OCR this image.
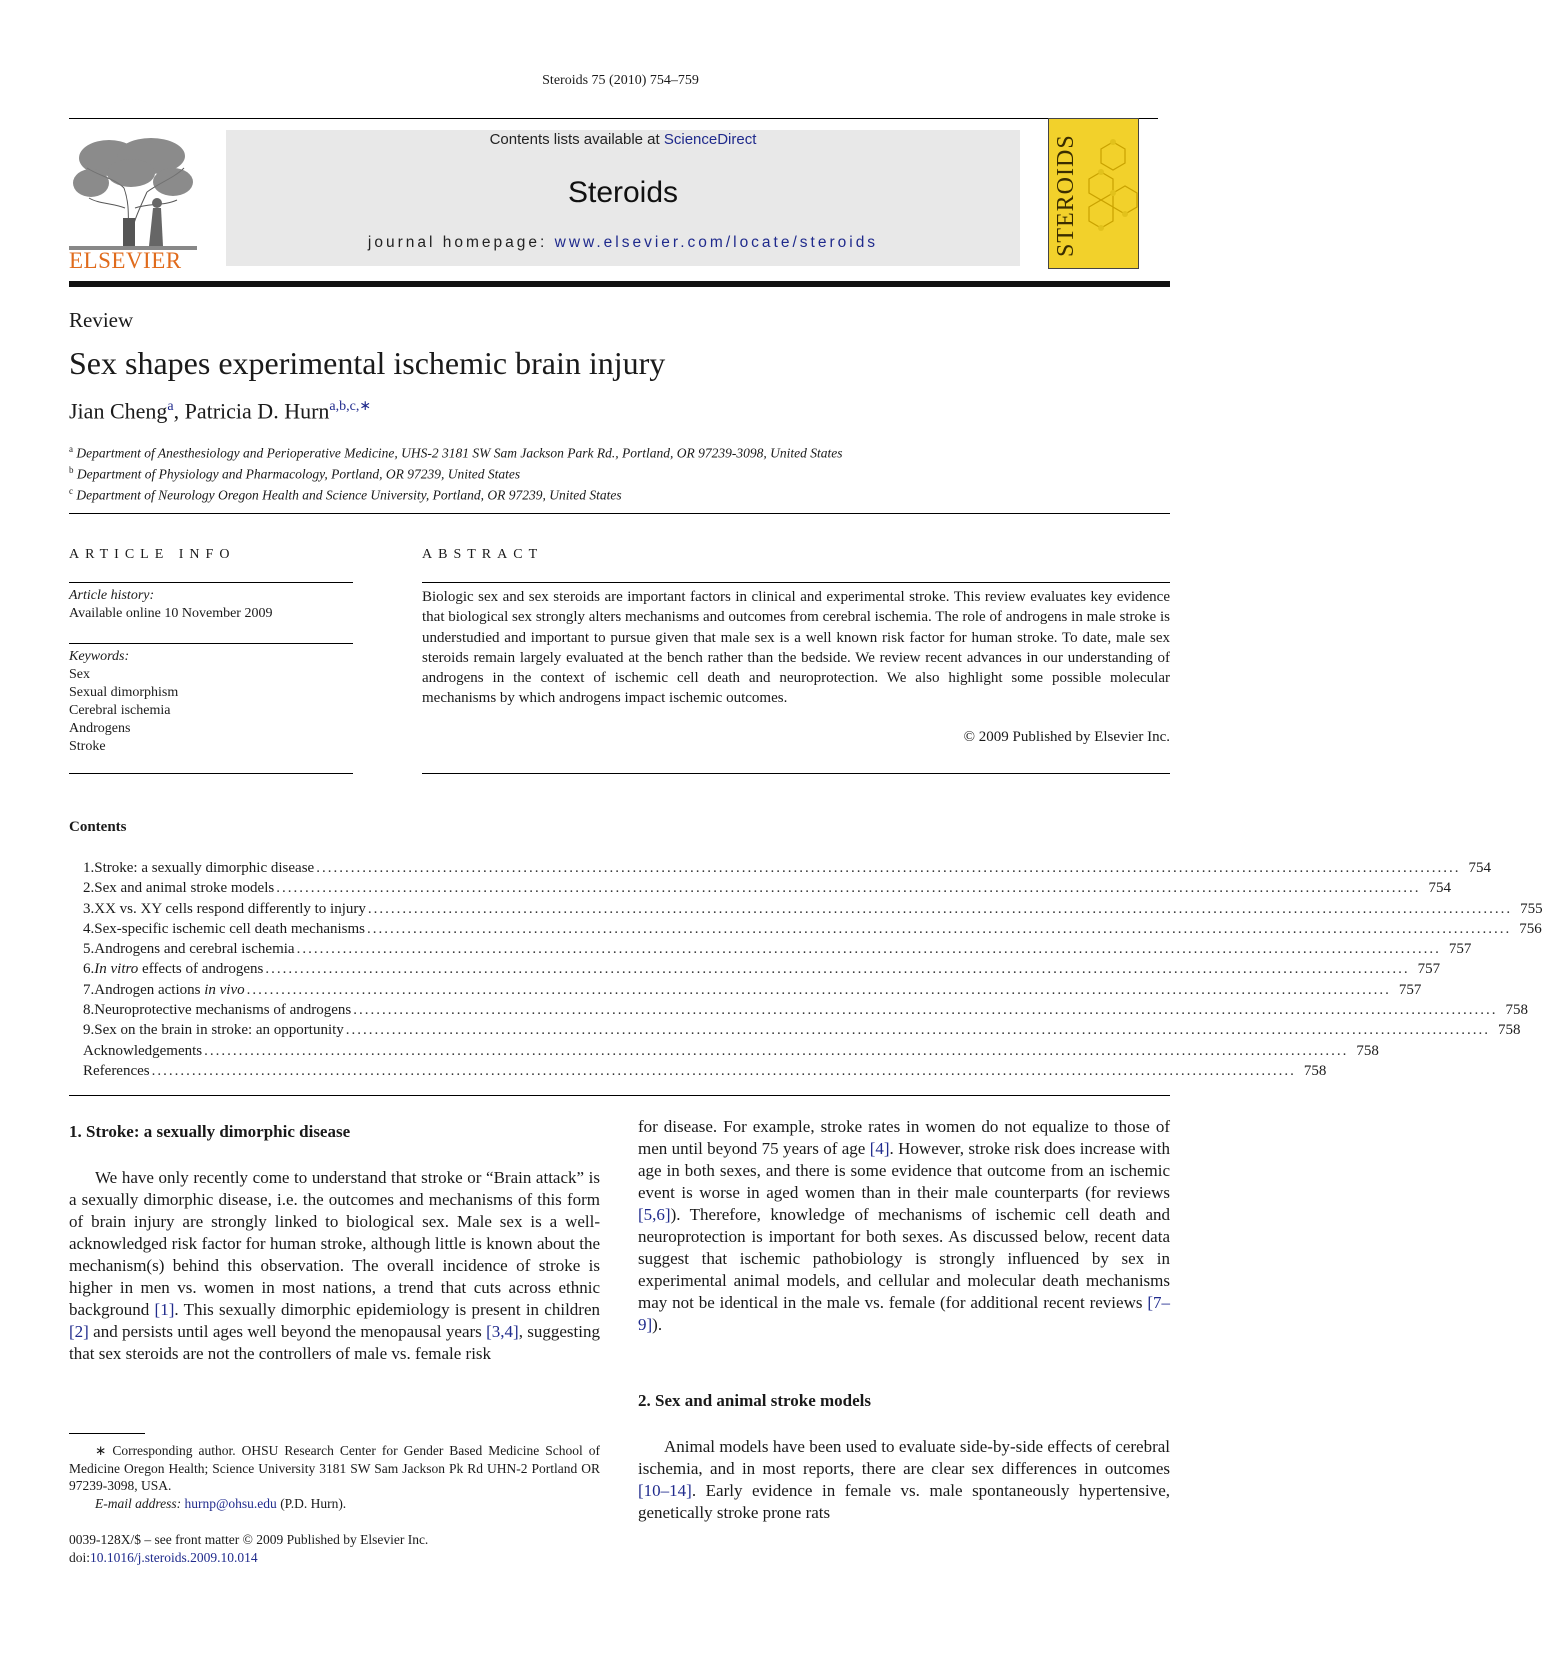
Steroids 75 (2010) 754–759
ELSEVIER
Contents lists available at ScienceDirect
Steroids
journal homepage: www.elsevier.com/locate/steroids	STEROIDS
Review
Sex shapes experimental ischemic brain injury
Jian Cheng$^a$, Patricia D. Hurn$^{a,b,c,∗}$
$^a$ Department of Anesthesiology and Perioperative Medicine, UHS-2 3181 SW Sam Jackson Park Rd., Portland, OR 97239-3098, United States
$^b$ Department of Physiology and Pharmacology, Portland, OR 97239, United States
$^c$ Department of Neurology Oregon Health and Science University, Portland, OR 97239, United States
ARTICLE INFO
Article history:
Available online 10 November 2009
Keywords:
Sex
Sexual dimorphism
Cerebral ischemia
Androgens
Stroke
ABSTRACT
Biologic sex and sex steroids are important factors in clinical and experimental stroke. This review evaluates key evidence that biological sex strongly alters mechanisms and outcomes from cerebral ischemia. The role of androgens in male stroke is understudied and important to pursue given that male sex is a well known risk factor for human stroke. To date, male sex steroids remain largely evaluated at the bench rather than the bedside. We review recent advances in our understanding of androgens in the context of ischemic cell death and neuroprotection. We also highlight some possible molecular mechanisms by which androgens impact ischemic outcomes.
© 2009 Published by Elsevier Inc.
Contents
1. Stroke: a sexually dimorphic disease ....................................................................................................................................................................................................... 754
2. Sex and animal stroke models ....................................................................................................................................................................................................... 754
3. XX vs. XY cells respond differently to injury ....................................................................................................................................................................................................... 755
4. Sex-specific ischemic cell death mechanisms ....................................................................................................................................................................................................... 756
5. Androgens and cerebral ischemia ....................................................................................................................................................................................................... 757
6. In vitro effects of androgens ....................................................................................................................................................................................................... 757
7. Androgen actions in vivo ....................................................................................................................................................................................................... 757
8. Neuroprotective mechanisms of androgens ....................................................................................................................................................................................................... 758
9. Sex on the brain in stroke: an opportunity ....................................................................................................................................................................................................... 758
Acknowledgements ....................................................................................................................................................................................................... 758
References ....................................................................................................................................................................................................... 758
1. Stroke: a sexually dimorphic disease

We have only recently come to understand that stroke or “Brain attack” is a sexually dimorphic disease, i.e. the outcomes and mechanisms of this form of brain injury are strongly linked to biological sex. Male sex is a well-acknowledged risk factor for human stroke, although little is known about the mechanism(s) behind this observation. The overall incidence of stroke is higher in men vs. women in most nations, a trend that cuts across ethnic background [1]. This sexually dimorphic epidemiology is present in children [2] and persists until ages well beyond the menopausal years [3,4], suggesting that sex steroids are not the controllers of male vs. female risk

for disease. For example, stroke rates in women do not equalize to those of men until beyond 75 years of age [4]. However, stroke risk does increase with age in both sexes, and there is some evidence that outcome from an ischemic event is worse in aged women than in their male counterparts (for reviews [5,6]). Therefore, knowledge of mechanisms of ischemic cell death and neuroprotection is important for both sexes. As discussed below, recent data suggest that ischemic pathobiology is strongly influenced by sex in experimental animal models, and cellular and molecular death mechanisms may not be identical in the male vs. female (for additional recent reviews [7–9]).
2. Sex and animal stroke models

Animal models have been used to evaluate side-by-side effects of cerebral ischemia, and in most reports, there are clear sex differences in outcomes [10–14]. Early evidence in female vs. male spontaneously hypertensive, genetically stroke prone rats

∗ Corresponding author. OHSU Research Center for Gender Based Medicine School of Medicine Oregon Health; Science University 3181 SW Sam Jackson Pk Rd UHN-2 Portland OR 97239-3098, USA.
E-mail address: hurnp@ohsu.edu (P.D. Hurn).
0039-128X/$ – see front matter © 2009 Published by Elsevier Inc.
doi:10.1016/j.steroids.2009.10.014
